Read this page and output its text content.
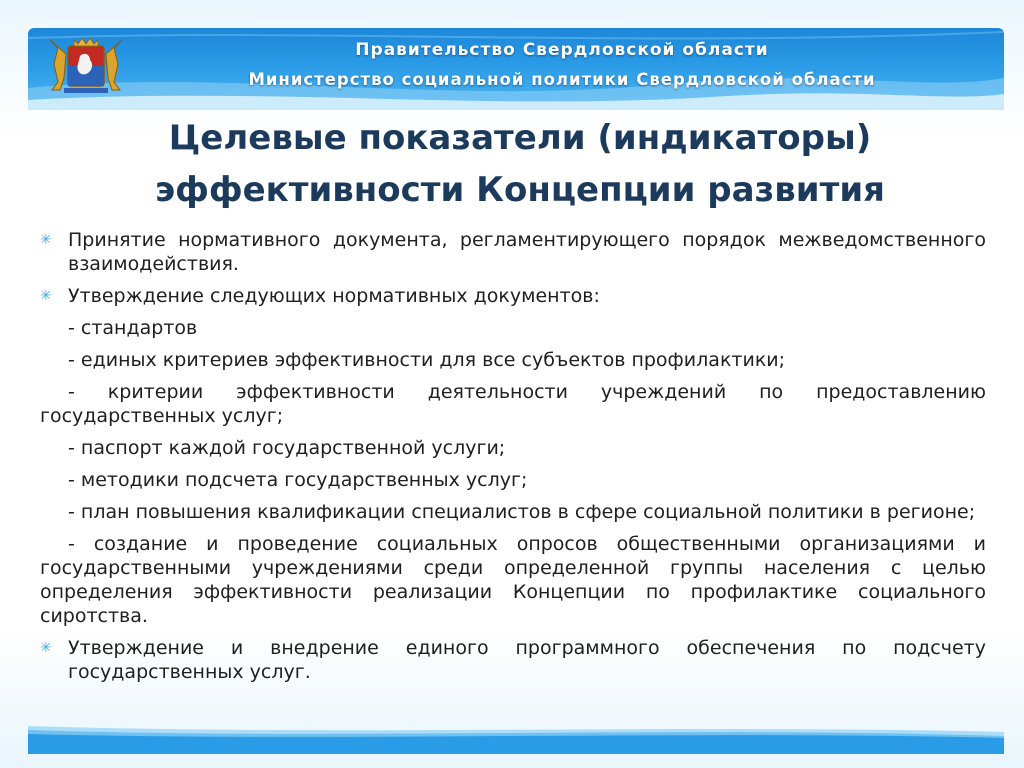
Правительство Свердловской области
Министерство социальной политики Свердловской области
Целевые показатели (индикаторы)
эффективности Концепции развития
✳ Принятие нормативного документа, регламентирующего порядок межведомственного взаимодействия.
✳ Утверждение следующих нормативных документов:
- стандартов
- единых критериев эффективности для все субъектов профилактики;
- критерии эффективности деятельности учреждений по предоставлению государственных услуг;
- паспорт каждой государственной услуги;
- методики подсчета государственных услуг;
- план повышения квалификации специалистов в сфере социальной политики в регионе;
- создание и проведение социальных опросов общественными организациями и государственными учреждениями среди определенной группы населения с целью определения эффективности реализации Концепции по профилактике социального сиротства.
✳ Утверждение и внедрение единого программного обеспечения по подсчету государственных услуг.
